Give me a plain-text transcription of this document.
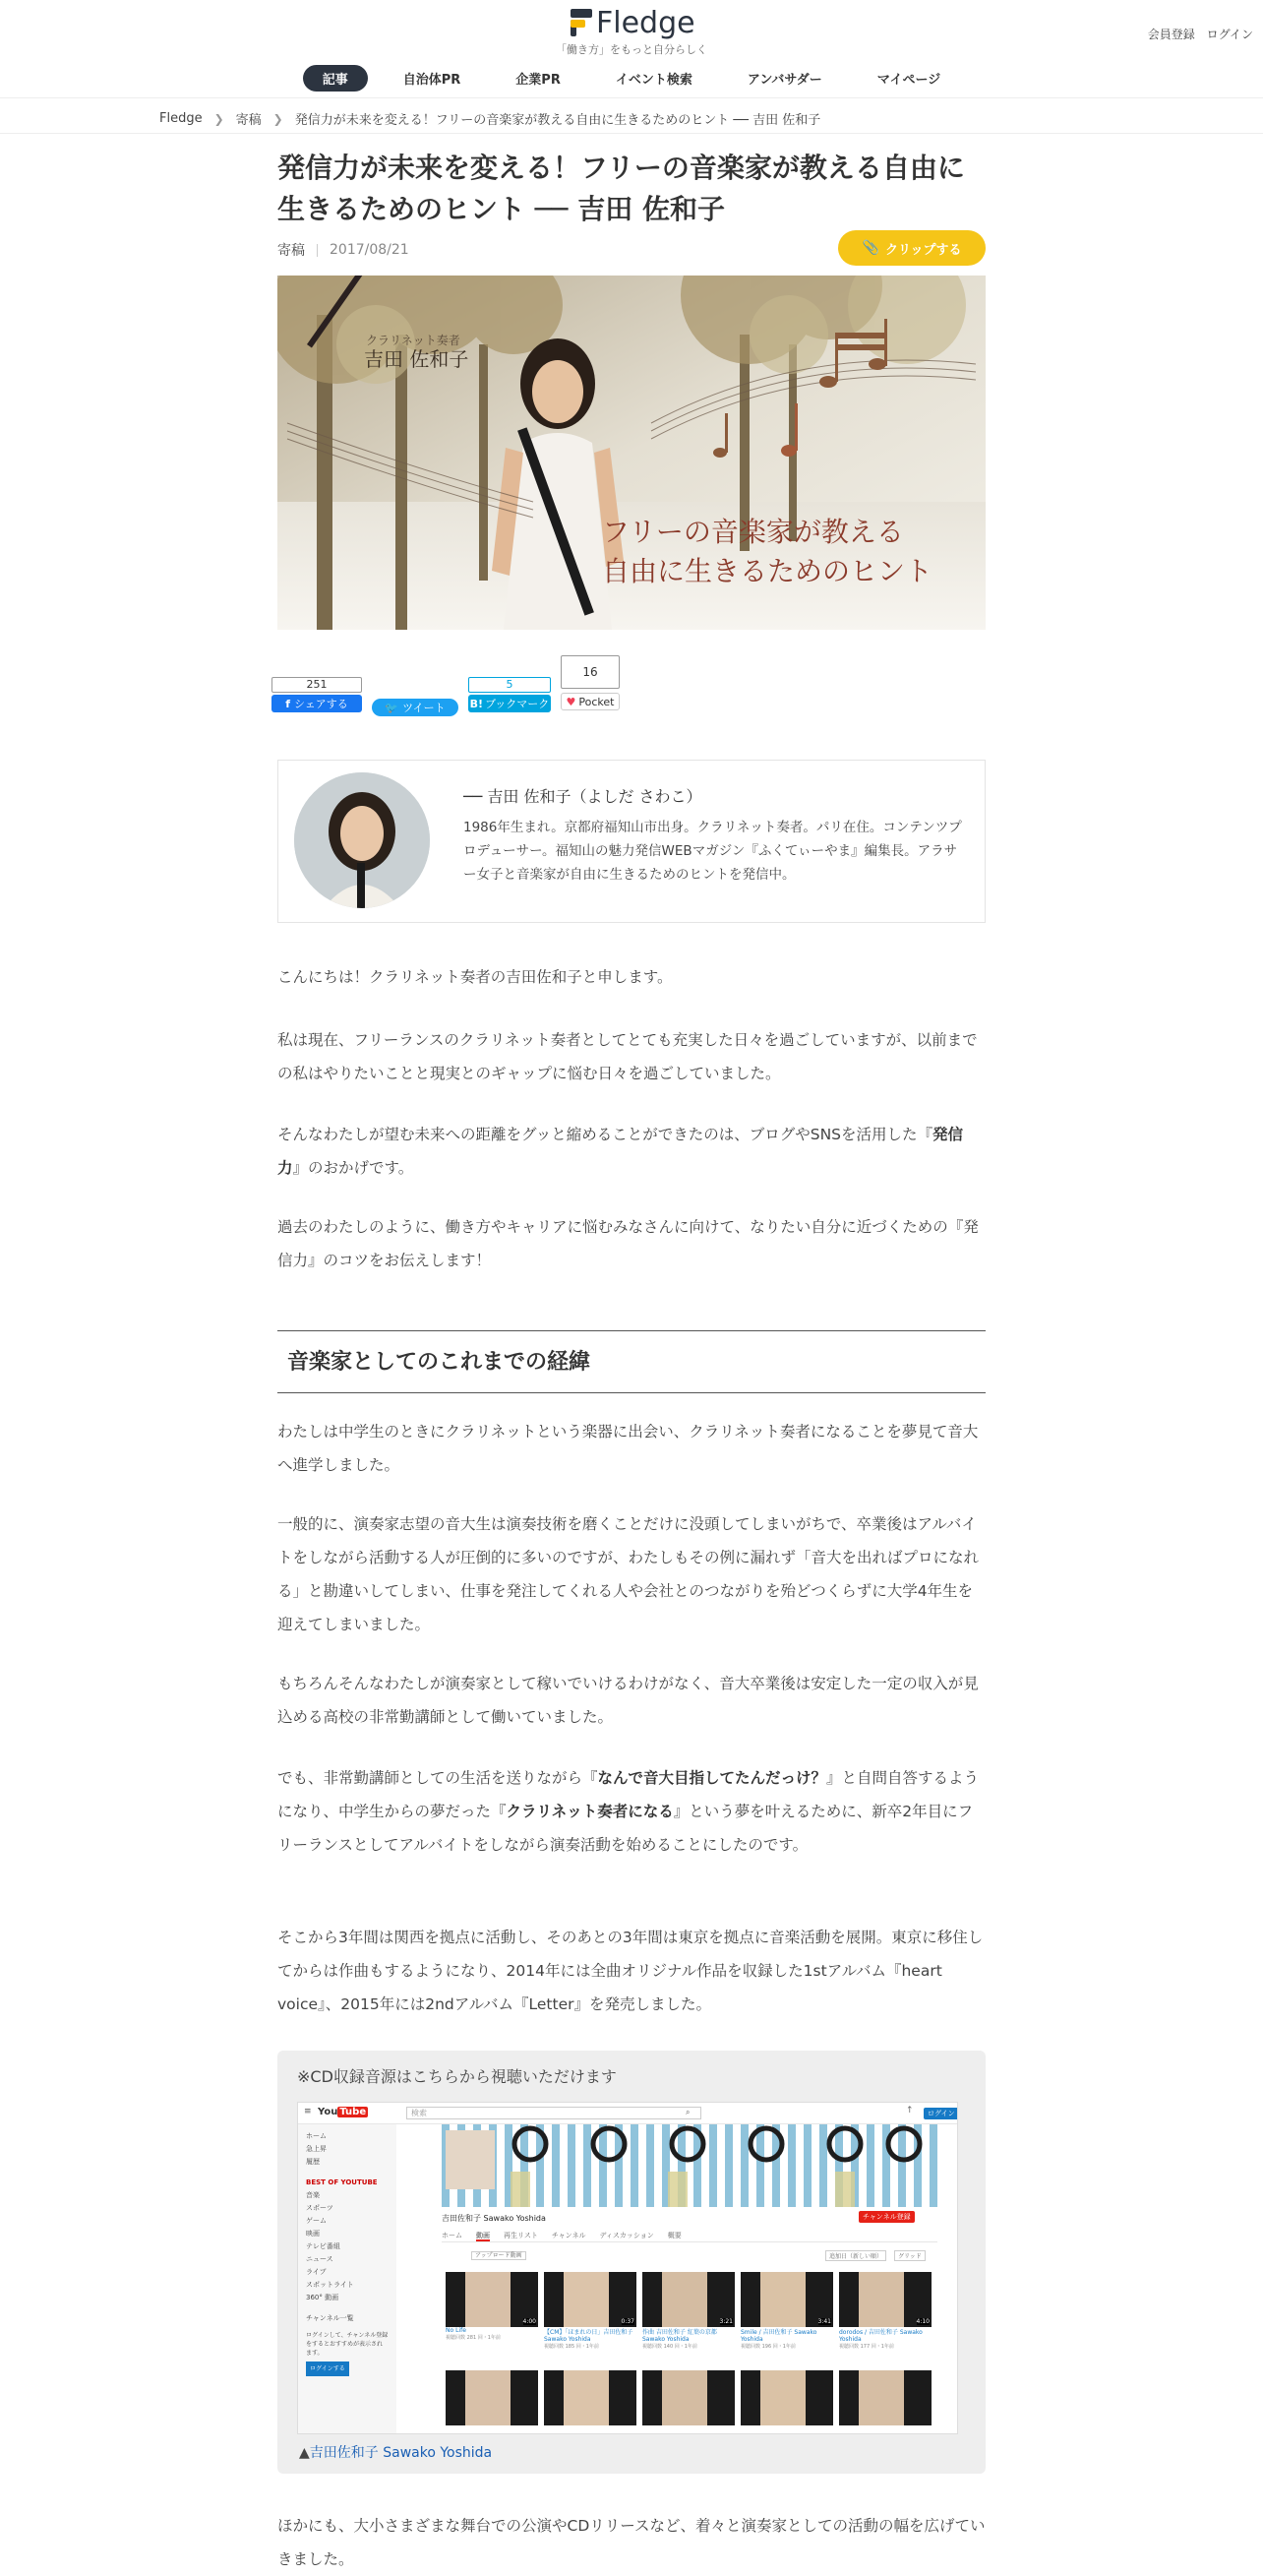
Fledge
「働き方」をもっと自分らしく
会員登録 ログイン
記事	自治体PR	企業PR	イベント検索	アンバサダー	マイページ
Fledge ❯ 寄稿 ❯ 発信力が未来を変える！フリーの音楽家が教える自由に生きるためのヒント ── 吉田 佐和子
発信力が未来を変える！フリーの音楽家が教える自由に生きるためのヒント ── 吉田 佐和子
寄稿 2017/08/21	📎 クリップする
クラリネット奏者
吉田 佐和子
フリーの音楽家が教える
自由に生きるためのヒント
251
f シェアする	🐦 ツイート
5
B! ブックマーク
16
♥ Pocket
── 吉田 佐和子（よしだ さわこ）
1986年生まれ。京都府福知山市出身。クラリネット奏者。パリ在住。コンテンツプロデューサー。福知山の魅力発信WEBマガジン『ふくてぃーやま』編集長。アラサー女子と音楽家が自由に生きるためのヒントを発信中。
こんにちは！クラリネット奏者の吉田佐和子と申します。
私は現在、フリーランスのクラリネット奏者としてとても充実した日々を過ごしていますが、以前までの私はやりたいことと現実とのギャップに悩む日々を過ごしていました。
そんなわたしが望む未来への距離をグッと縮めることができたのは、ブログやSNSを活用した『発信力』のおかげです。
過去のわたしのように、働き方やキャリアに悩むみなさんに向けて、なりたい自分に近づくための『発信力』のコツをお伝えします！
音楽家としてのこれまでの経緯
わたしは中学生のときにクラリネットという楽器に出会い、クラリネット奏者になることを夢見て音大へ進学しました。
一般的に、演奏家志望の音大生は演奏技術を磨くことだけに没頭してしまいがちで、卒業後はアルバイトをしながら活動する人が圧倒的に多いのですが、わたしもその例に漏れず「音大を出ればプロになれる」と勘違いしてしまい、仕事を発注してくれる人や会社とのつながりを殆どつくらずに大学4年生を迎えてしまいました。
もちろんそんなわたしが演奏家として稼いでいけるわけがなく、音大卒業後は安定した一定の収入が見込める高校の非常勤講師として働いていました。
でも、非常勤講師としての生活を送りながら『なんで音大目指してたんだっけ？』と自問自答するようになり、中学生からの夢だった『クラリネット奏者になる』という夢を叶えるために、新卒2年目にフリーランスとしてアルバイトをしながら演奏活動を始めることにしたのです。
そこから3年間は関西を拠点に活動し、そのあとの3年間は東京を拠点に音楽活動を展開。東京に移住してからは作曲もするようになり、2014年には全曲オリジナル作品を収録した1stアルバム『heart voice』、2015年には2ndアルバム『Letter』を発売しました。
※CD収録音源はこちらから視聴いただけます
≡ You Tube	検索	⌕	↑	ログイン
ホーム
急上昇
履歴
BEST OF YOUTUBE
音楽
スポーツ
ゲーム
映画
テレビ番組
ニュース
ライブ
スポットライト
360° 動画
チャンネル一覧
ログインして、チャンネル登録をするとおすすめが表示されます。
ログインする
吉田佐和子 Sawako Yoshida	チャンネル登録
ホーム 動画 再生リスト チャンネル ディスカッション 概要
アップロード動画	追加日（新しい順）	グリッド
4:00
No Life
視聴回数 281 回・1年前
0:37
【CM】「ほまれの日」吉田佐和子 Sawako Yoshida
視聴回数 185 回・1年前
3:21
作曲 吉田佐和子 紅葉の京都 Sawako Yoshida
視聴回数 140 回・1年前
3:41
Smile / 吉田佐和子 Sawako Yoshida
視聴回数 196 回・1年前
4:10
dorodos / 吉田佐和子 Sawako Yoshida
視聴回数 177 回・1年前
▲吉田佐和子 Sawako Yoshida
ほかにも、大小さまざまな舞台での公演やCDリリースなど、着々と演奏家としての活動の幅を広げていきました。
